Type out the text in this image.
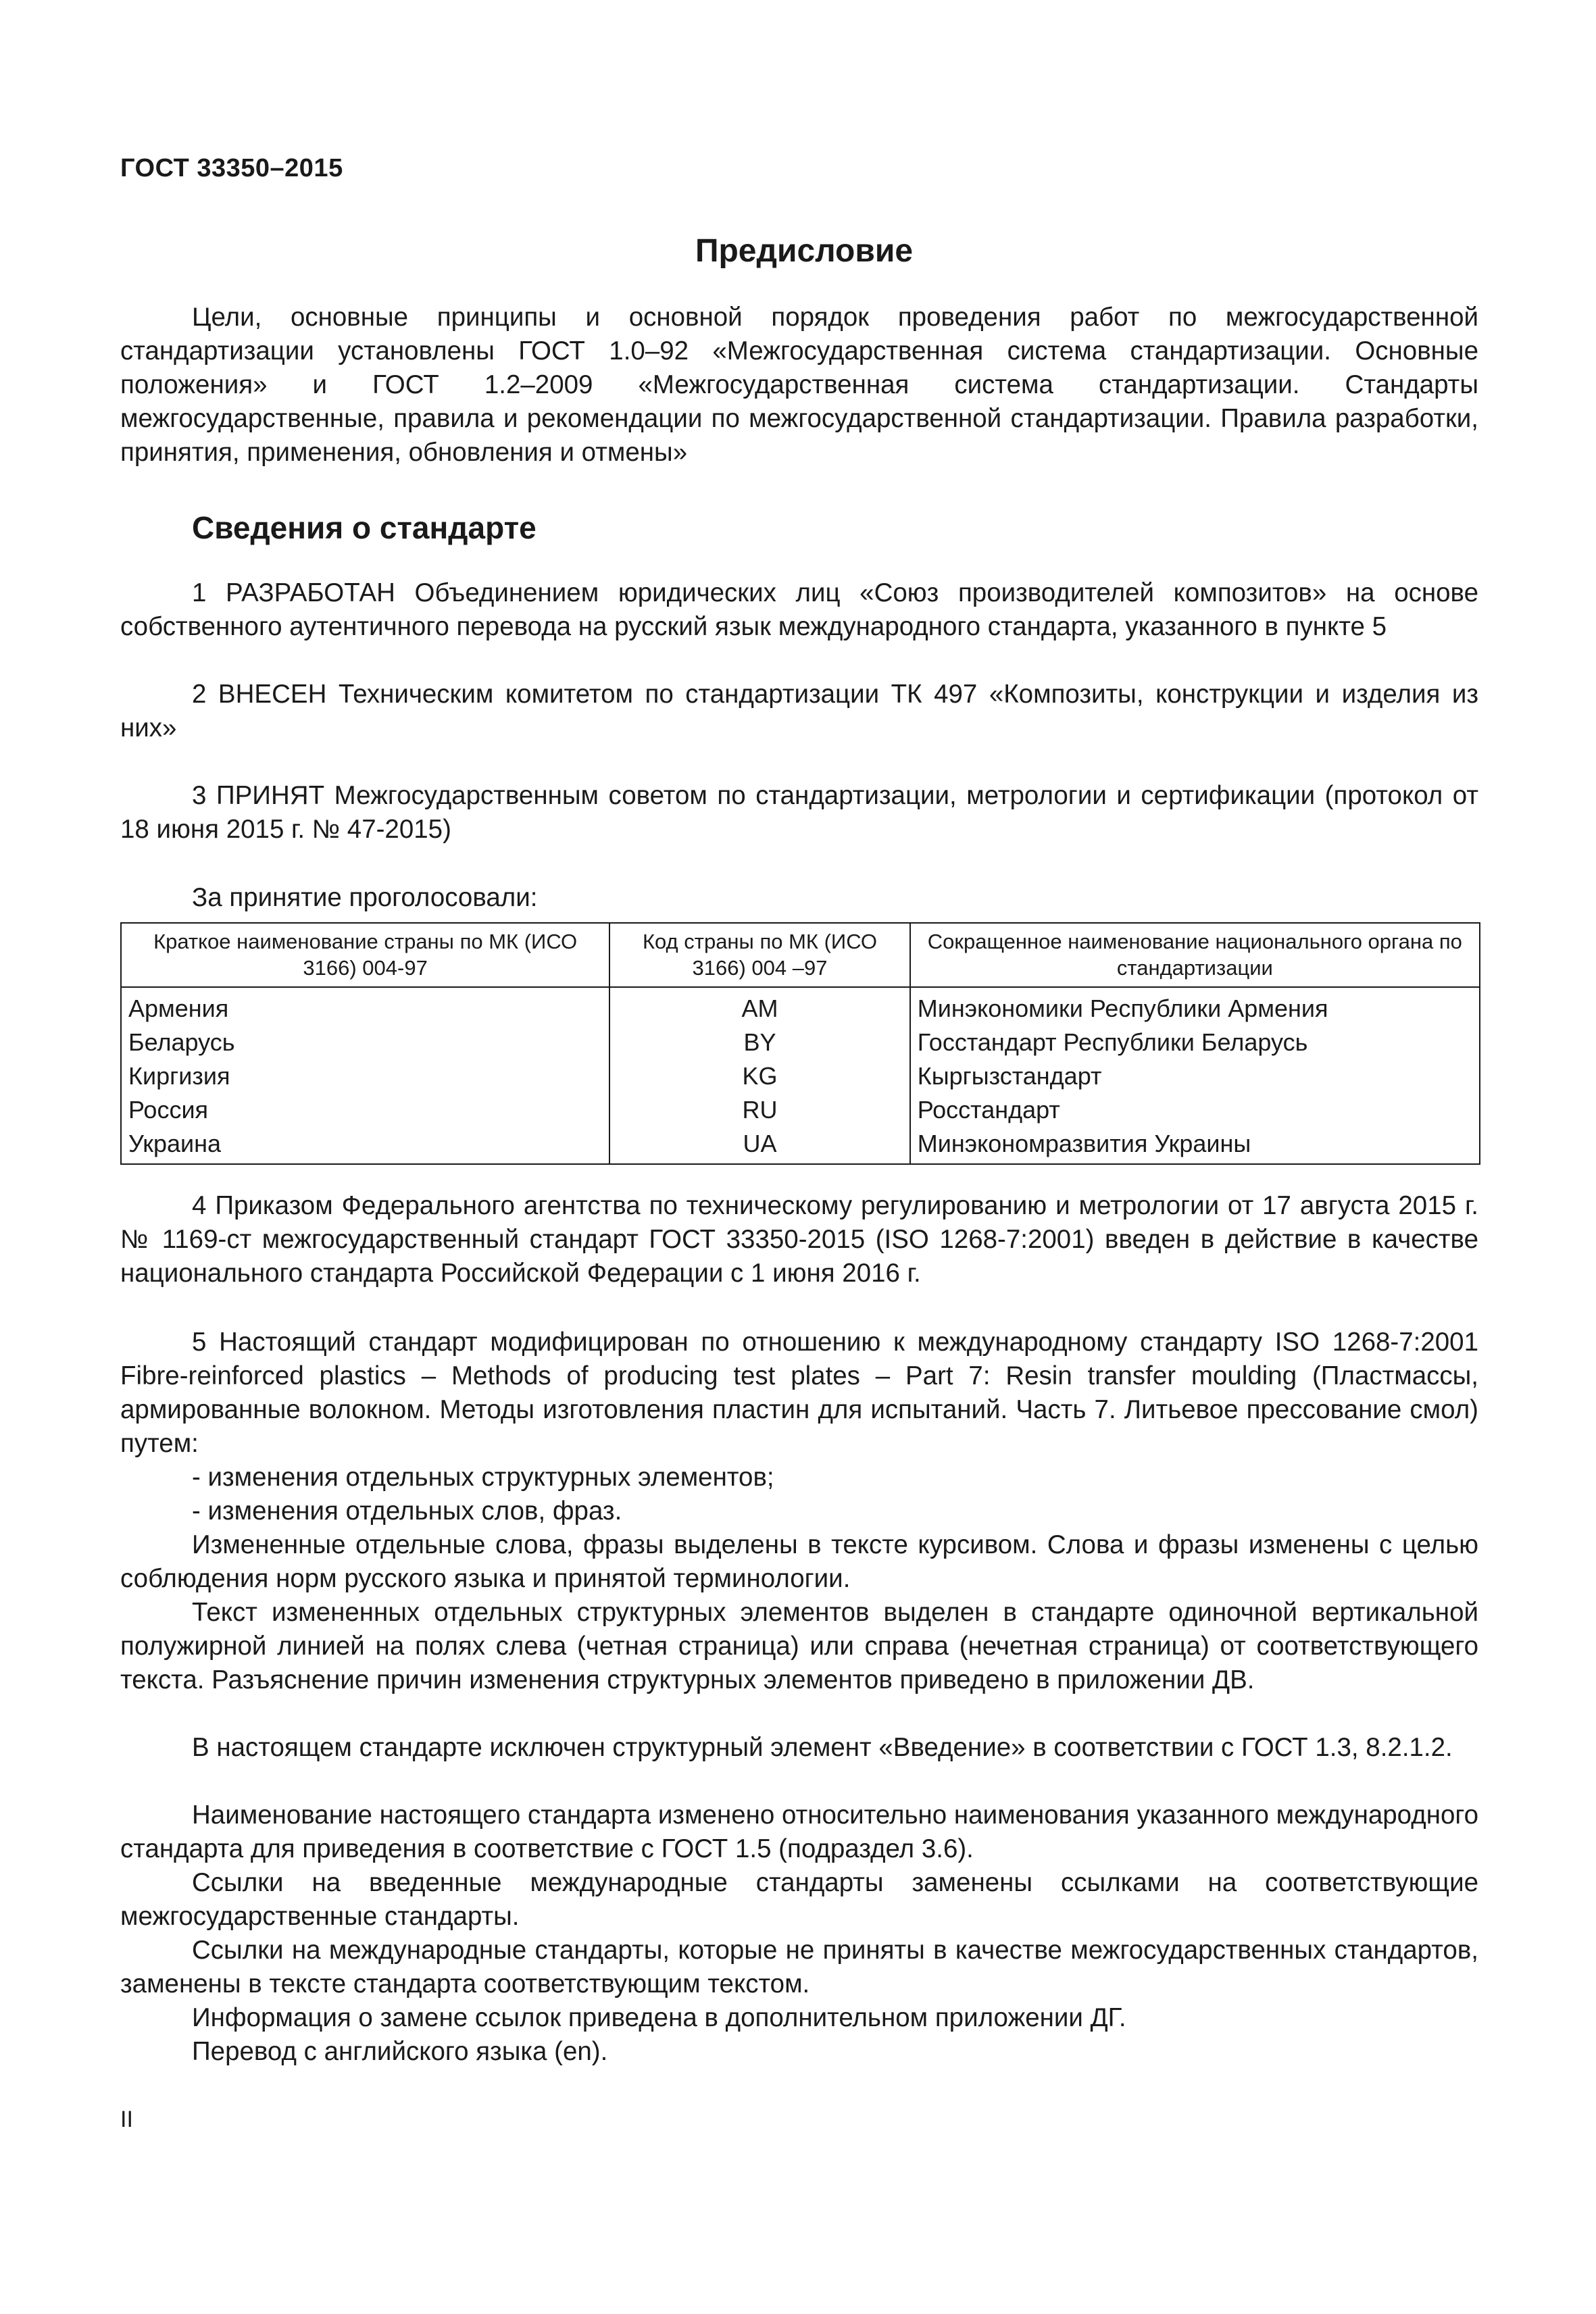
ГОСТ 33350–2015
Предисловие
Цели, основные принципы и основной порядок проведения работ по межгосударственной стандартизации установлены ГОСТ 1.0–92 «Межгосударственная система стандартизации. Основные положения» и ГОСТ 1.2–2009 «Межгосударственная система стандартизации. Стандарты межгосударственные, правила и рекомендации по межгосударственной стандартизации. Правила разработки, принятия, применения, обновления и отмены»
Сведения о стандарте
1 РАЗРАБОТАН Объединением юридических лиц «Союз производителей композитов» на основе собственного аутентичного перевода на русский язык международного стандарта, указанного в пункте 5
2 ВНЕСЕН Техническим комитетом по стандартизации ТК 497 «Композиты, конструкции и изделия из них»
3 ПРИНЯТ Межгосударственным советом по стандартизации, метрологии и сертификации (протокол от 18 июня 2015 г. № 47-2015)
За принятие проголосовали:
Краткое наименование страны по МК (ИСО 3166) 004-97	Код страны по МК (ИСО 3166) 004 –97	Сокращенное наименование национального органа по стандартизации
Армения	AM	Минэкономики Республики Армения
Беларусь	BY	Госстандарт Республики Беларусь
Киргизия	KG	Кыргызстандарт
Россия	RU	Росстандарт
Украина	UA	Минэкономразвития Украины
4 Приказом Федерального агентства по техническому регулированию и метрологии от 17 августа 2015 г. № 1169-ст межгосударственный стандарт ГОСТ 33350-2015 (ISO 1268-7:2001) введен в действие в качестве национального стандарта Российской Федерации с 1 июня 2016 г.
5 Настоящий стандарт модифицирован по отношению к международному стандарту ISO 1268-7:2001 Fibre-reinforced plastics – Methods of producing test plates – Part 7: Resin transfer moulding (Пластмассы, армированные волокном. Методы изготовления пластин для испытаний. Часть 7. Литьевое прессование смол) путем:
- изменения отдельных структурных элементов;
- изменения отдельных слов, фраз.
Измененные отдельные слова, фразы выделены в тексте курсивом. Слова и фразы изменены с целью соблюдения норм русского языка и принятой терминологии.
Текст измененных отдельных структурных элементов выделен в стандарте одиночной вертикальной полужирной линией на полях слева (четная страница) или справа (нечетная страница) от соответствующего текста. Разъяснение причин изменения структурных элементов приведено в приложении ДВ.
В настоящем стандарте исключен структурный элемент «Введение» в соответствии с ГОСТ 1.3, 8.2.1.2.
Наименование настоящего стандарта изменено относительно наименования указанного международного стандарта для приведения в соответствие с ГОСТ 1.5 (подраздел 3.6).
Ссылки на введенные международные стандарты заменены ссылками на соответствующие межгосударственные стандарты.
Ссылки на международные стандарты, которые не приняты в качестве межгосударственных стандартов, заменены в тексте стандарта соответствующим текстом.
Информация о замене ссылок приведена в дополнительном приложении ДГ.
Перевод с английского языка (en).
II
